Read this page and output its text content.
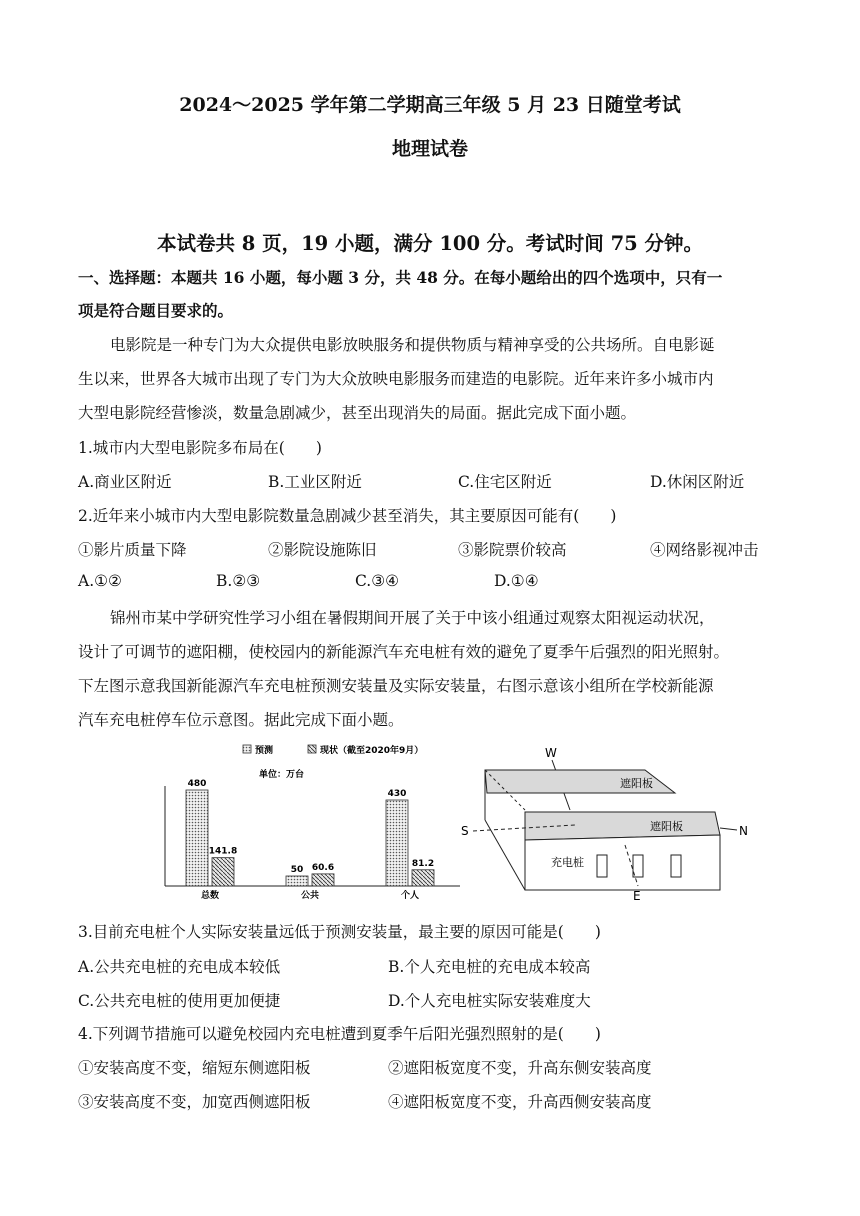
2024～2025 学年第二学期高三年级 5 月 23 日随堂考试
地理试卷
本试卷共 8 页，19 小题，满分 100 分。考试时间 75 分钟。
一、选择题：本题共 16 小题，每小题 3 分，共 48 分。在每小题给出的四个选项中，只有一
项是符合题目要求的。
电影院是一种专门为大众提供电影放映服务和提供物质与精神享受的公共场所。自电影诞
生以来，世界各大城市出现了专门为大众放映电影服务而建造的电影院。近年来许多小城市内
大型电影院经营惨淡，数量急剧减少，甚至出现消失的局面。据此完成下面小题。
1.城市内大型电影院多布局在(　　)
A.商业区附近	B.工业区附近	C.住宅区附近	D.休闲区附近
2.近年来小城市内大型电影院数量急剧减少甚至消失，其主要原因可能有(　　)
①影片质量下降	②影院设施陈旧	③影院票价较高	④网络影视冲击
A.①②	B.②③	C.③④	D.①④
锦州市某中学研究性学习小组在暑假期间开展了关于中该小组通过观察太阳视运动状况，
设计了可调节的遮阳棚，使校园内的新能源汽车充电桩有效的避免了夏季午后强烈的阳光照射。
下左图示意我国新能源汽车充电桩预测安装量及实际安装量，右图示意该小组所在学校新能源
汽车充电桩停车位示意图。据此完成下面小题。
预测	现状（截至2020年9月）
单位：万台
480
141.8
总数
50 60.6
公共
430
81.2
个人
W
遮阳板
遮阳板
S	N
充电桩
E
3.目前充电桩个人实际安装量远低于预测安装量，最主要的原因可能是(　　)
A.公共充电桩的充电成本较低	B.个人充电桩的充电成本较高
C.公共充电桩的使用更加便捷	D.个人充电桩实际安装难度大
4.下列调节措施可以避免校园内充电桩遭到夏季午后阳光强烈照射的是(　　)
①安装高度不变，缩短东侧遮阳板	②遮阳板宽度不变，升高东侧安装高度
③安装高度不变，加宽西侧遮阳板	④遮阳板宽度不变，升高西侧安装高度
